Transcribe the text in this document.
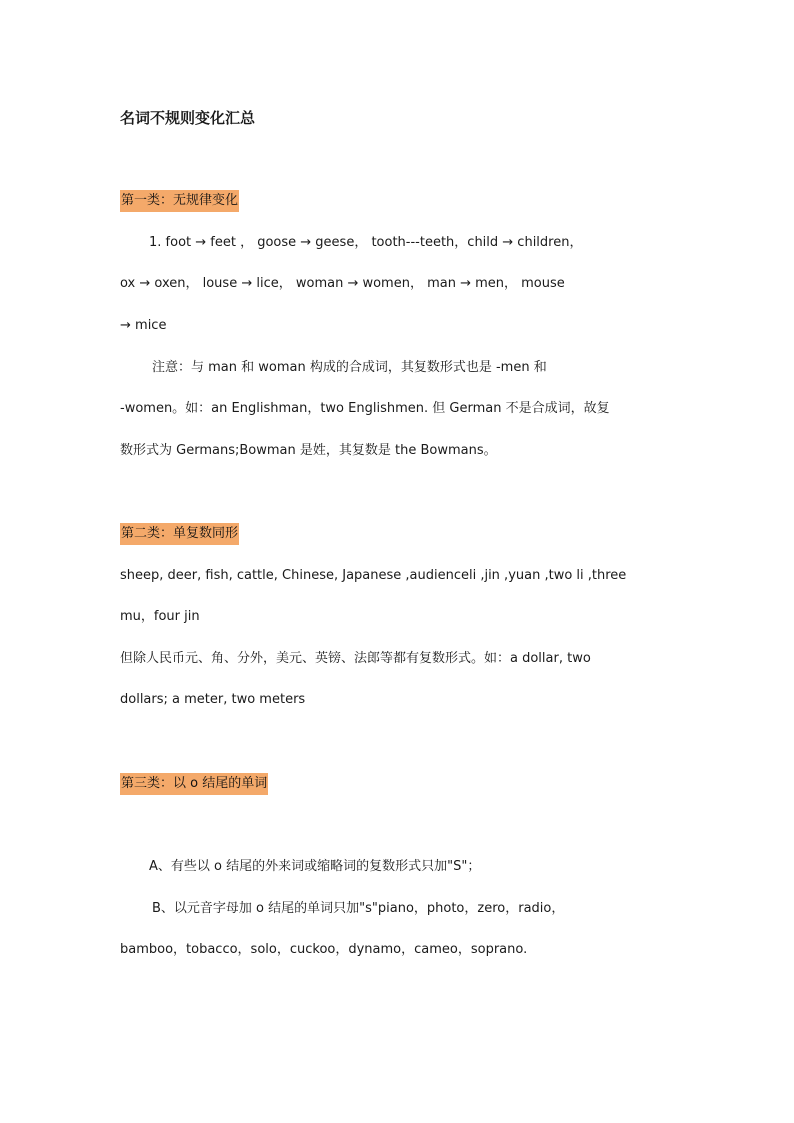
名词不规则变化汇总
第一类：无规律变化
1. foot → feet ， goose → geese， tooth---teeth，child → children，
ox → oxen， louse → lice， woman → women， man → men， mouse
→ mice
注意：与 man 和 woman 构成的合成词，其复数形式也是 -men 和
-women。如：an Englishman，two Englishmen. 但 German 不是合成词，故复
数形式为 Germans;Bowman 是姓，其复数是 the Bowmans。
第二类：单复数同形
sheep, deer, fish, cattle, Chinese, Japanese ,audienceli ,jin ,yuan ,two li ,three
mu，four jin
但除人民币元、角、分外，美元、英镑、法郎等都有复数形式。如：a dollar, two
dollars; a meter, two meters
第三类：以 o 结尾的单词
A、有些以 o 结尾的外来词或缩略词的复数形式只加"S"；
B、以元音字母加 o 结尾的单词只加"s"piano，photo，zero，radio，
bamboo，tobacco，solo，cuckoo，dynamo，cameo，soprano.
